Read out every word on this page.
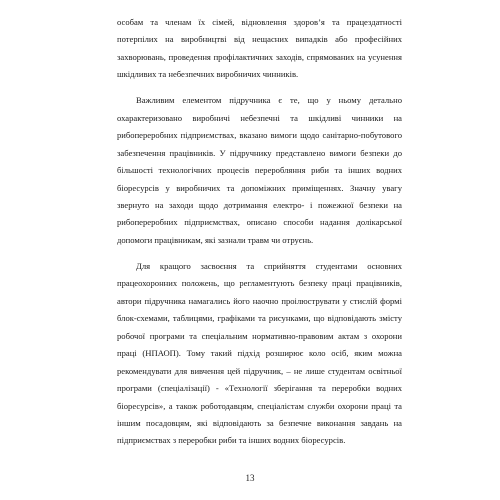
особам та членам їх сімей, відновлення здоров’я та працездатності потерпілих на виробництві від нещасних випадків або професійних захворювань, проведення профілактичних заходів, спрямованих на усунення шкідливих та небезпечних виробничих чинників.

Важливим елементом підручника є те, що у ньому детально охарактеризовано виробничі небезпечні та шкідливі чинники на рибопереробних підприємствах, вказано вимоги щодо санітарно-побутового забезпечення працівників. У підручнику представлено вимоги безпеки до більшості технологічних процесів переробляння риби та інших водних біоресурсів у виробничих та допоміжних приміщеннях. Значну увагу звернуто на заходи щодо дотримання електро- і пожежної безпеки на рибопереробних підприємствах, описано способи надання долікарської допомоги працівникам, які зазнали травм чи отруєнь.

Для кращого засвоєння та сприйняття студентами основних працеохоронних положень, що регламентують безпеку праці працівників, автори підручника намагались його наочно проілюструвати у стислій формі блок-схемами, таблицями, графіками та рисунками, що відповідають змісту робочої програми та спеціальним нормативно-правовим актам з охорони праці (НПАОП). Тому такий підхід розширює коло осіб, яким можна рекомендувати для вивчення цей підручник, – не лише студентам освітньої програми (спеціалізації) - «Технології зберігання та переробки водних біоресурсів», а також роботодавцям, спеціалістам служби охорони праці та іншим посадовцям, які відповідають за безпечне виконання завдань на підприємствах з переробки риби та інших водних біоресурсів.

13
